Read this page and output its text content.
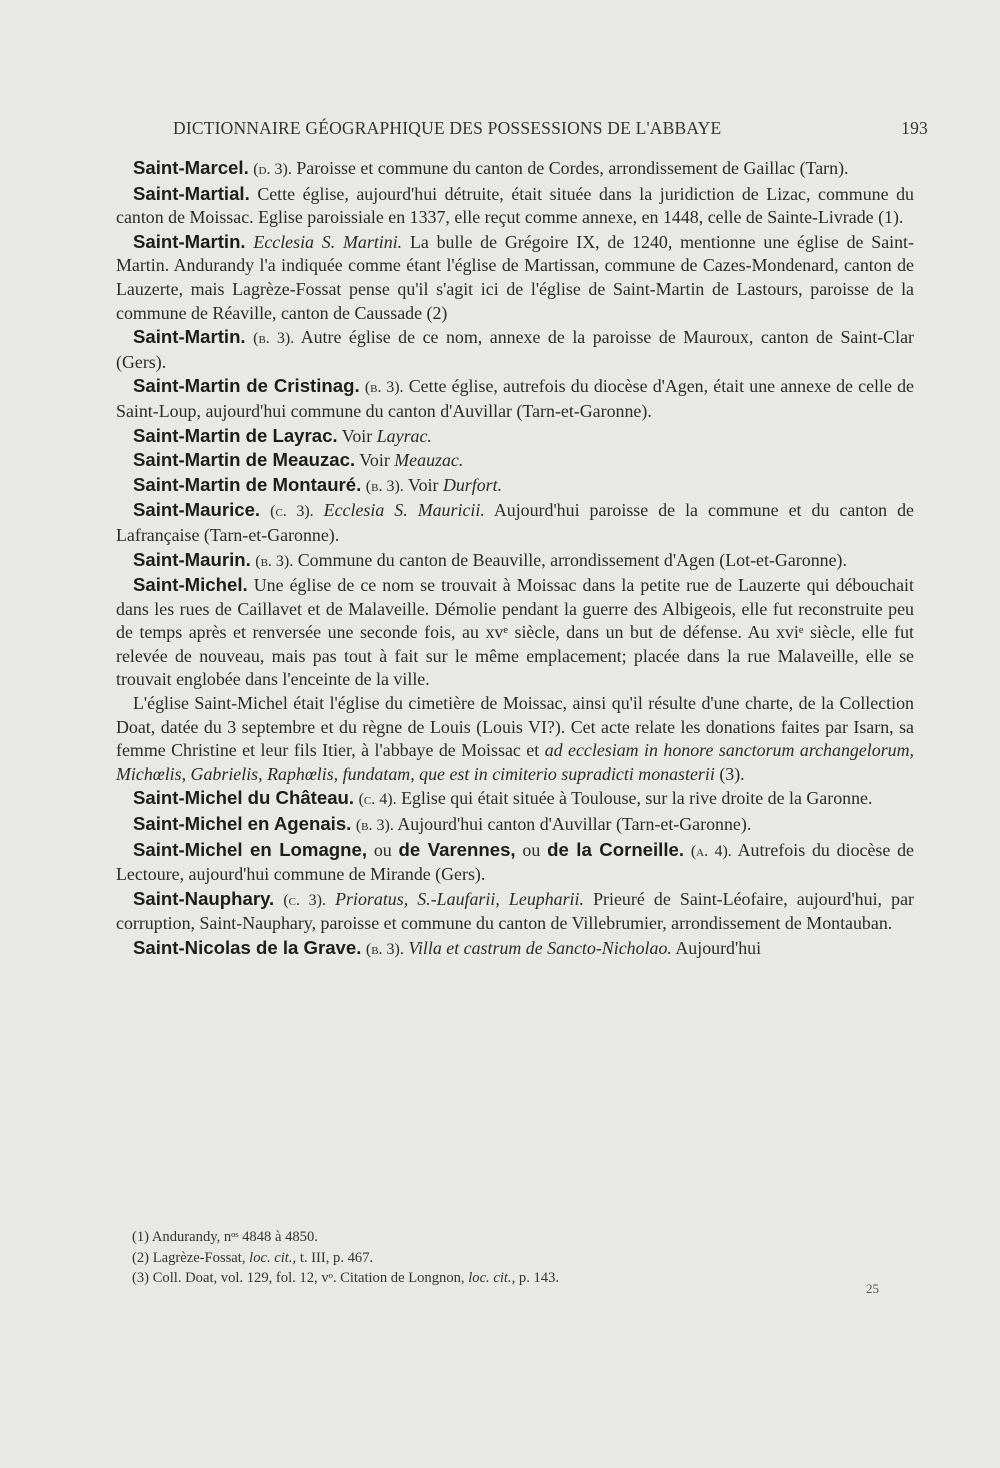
DICTIONNAIRE GÉOGRAPHIQUE DES POSSESSIONS DE L'ABBAYE	193

Saint-Marcel. (d. 3). Paroisse et commune du canton de Cordes, arrondissement de Gaillac (Tarn).

Saint-Martial. Cette église, aujourd'hui détruite, était située dans la juridiction de Lizac, commune du canton de Moissac. Eglise paroissiale en 1337, elle reçut comme annexe, en 1448, celle de Sainte-Livrade (1).

Saint-Martin. Ecclesia S. Martini. La bulle de Grégoire IX, de 1240, mentionne une église de Saint-Martin. Andurandy l'a indiquée comme étant l'église de Martissan, commune de Cazes-Mondenard, canton de Lauzerte, mais Lagrèze-Fossat pense qu'il s'agit ici de l'église de Saint-Martin de Lastours, paroisse de la commune de Réaville, canton de Caussade (2)

Saint-Martin. (b. 3). Autre église de ce nom, annexe de la paroisse de Mauroux, canton de Saint-Clar (Gers).

Saint-Martin de Cristinag. (b. 3). Cette église, autrefois du diocèse d'Agen, était une annexe de celle de Saint-Loup, aujourd'hui commune du canton d'Auvillar (Tarn-et-Garonne).

Saint-Martin de Layrac. Voir Layrac.

Saint-Martin de Meauzac. Voir Meauzac.

Saint-Martin de Montauré. (b. 3). Voir Durfort.

Saint-Maurice. (c. 3). Ecclesia S. Mauricii. Aujourd'hui paroisse de la commune et du canton de Lafrançaise (Tarn-et-Garonne).

Saint-Maurin. (b. 3). Commune du canton de Beauville, arrondissement d'Agen (Lot-et-Garonne).

Saint-Michel. Une église de ce nom se trouvait à Moissac dans la petite rue de Lauzerte qui débouchait dans les rues de Caillavet et de Malaveille. Démolie pendant la guerre des Albigeois, elle fut reconstruite peu de temps après et renversée une seconde fois, au xvᵉ siècle, dans un but de défense. Au xviᵉ siècle, elle fut relevée de nouveau, mais pas tout à fait sur le même emplacement; placée dans la rue Malaveille, elle se trouvait englobée dans l'enceinte de la ville.

L'église Saint-Michel était l'église du cimetière de Moissac, ainsi qu'il résulte d'une charte, de la Collection Doat, datée du 3 septembre et du règne de Louis (Louis VI?). Cet acte relate les donations faites par Isarn, sa femme Christine et leur fils Itier, à l'abbaye de Moissac et ad ecclesiam in honore sanctorum archangelorum, Michœlis, Gabrielis, Raphœlis, fundatam, que est in cimiterio supradicti monasterii (3).

Saint-Michel du Château. (c. 4). Eglise qui était située à Toulouse, sur la rive droite de la Garonne.

Saint-Michel en Agenais. (b. 3). Aujourd'hui canton d'Auvillar (Tarn-et-Garonne).

Saint-Michel en Lomagne, ou de Varennes, ou de la Corneille. (a. 4). Autrefois du diocèse de Lectoure, aujourd'hui commune de Mirande (Gers).

Saint-Nauphary. (c. 3). Prioratus, S.-Laufarii, Leupharii. Prieuré de Saint-Léofaire, aujourd'hui, par corruption, Saint-Nauphary, paroisse et commune du canton de Villebrumier, arrondissement de Montauban.

Saint-Nicolas de la Grave. (b. 3). Villa et castrum de Sancto-Nicholao. Aujourd'hui

(1) Andurandy, nᵒˢ 4848 à 4850.

(2) Lagrèze-Fossat, loc. cit., t. III, p. 467.

(3) Coll. Doat, vol. 129, fol. 12, vᵒ. Citation de Longnon, loc. cit., p. 143.

25
